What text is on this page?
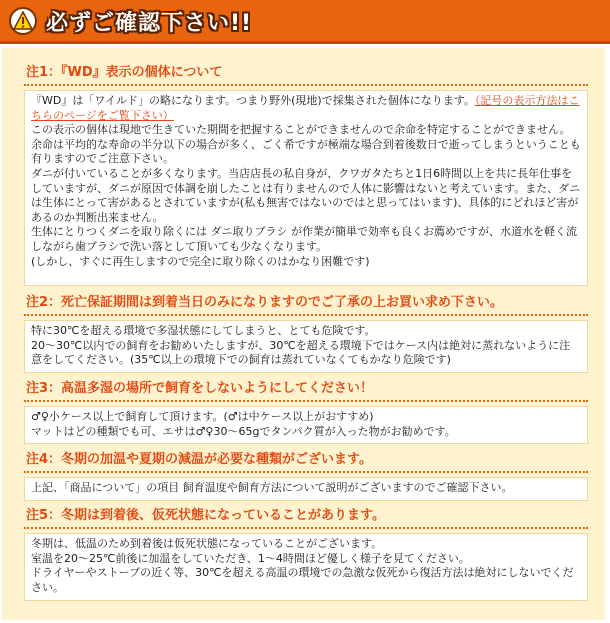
必ずご確認下さい!!
注1：『WD』表示の個体について

『WD』は「ワイルド」の略になります。つまり野外(現地)で採集された個体になります。（記号の表示方法はこちらのページをご覧下さい）

この表示の個体は現地で生きていた期間を把握することができませんので余命を特定することができません。余命は平均的な寿命の半分以下の場合が多く、ごく希ですが極端な場合到着後数日で逝ってしまうということも有りますのでご注意下さい。

ダニが付いていることが多くなります。当店店長の私自身が、クワガタたちと1日6時間以上を共に長年仕事をしていますが、ダニが原因で体調を崩したことは有りませんので人体に影響はないと考えています。また、ダニは生体にとって害があるとされていますが(私も無害ではないのではと思ってはいます)、具体的にどれほど害があるのか判断出来ません。

生体にとりつくダニを取り除くには ダニ取りブラシ が作業が簡単で効率も良くお薦めですが、水道水を軽く流しながら歯ブラシで洗い落として頂いても少なくなります。

(しかし、すぐに再生しますので完全に取り除くのはかなり困難です)

注2：死亡保証期間は到着当日のみになりますのでご了承の上お買い求め下さい。

特に30℃を超える環境で多湿状態にしてしまうと、とても危険です。

20～30℃以内での飼育をお勧めいたしますが、30℃を超える環境下ではケース内は絶対に蒸れないように注意をしてください。(35℃以上の環境下での飼育は蒸れていなくてもかなり危険です)

注3：高温多湿の場所で飼育をしないようにしてください！

♂♀小ケース以上で飼育して頂けます。(♂は中ケース以上がおすすめ)

マットはどの種類でも可、エサは♂♀30～65gでタンパク質が入った物がお勧めです。

注4：冬期の加温や夏期の減温が必要な種類がございます。

上記、「商品について」の項目 飼育温度や飼育方法について説明がございますのでご確認下さい。

注5：冬期は到着後、仮死状態になっていることがあります。

冬期は、低温のため到着後は仮死状態になっていることがございます。

室温を20～25℃前後に加温をしていただき、1～4時間ほど優しく様子を見てください。

ドライヤーやストーブの近く等、30℃を超える高温の環境での急激な仮死から復活方法は絶対にしないでください。
